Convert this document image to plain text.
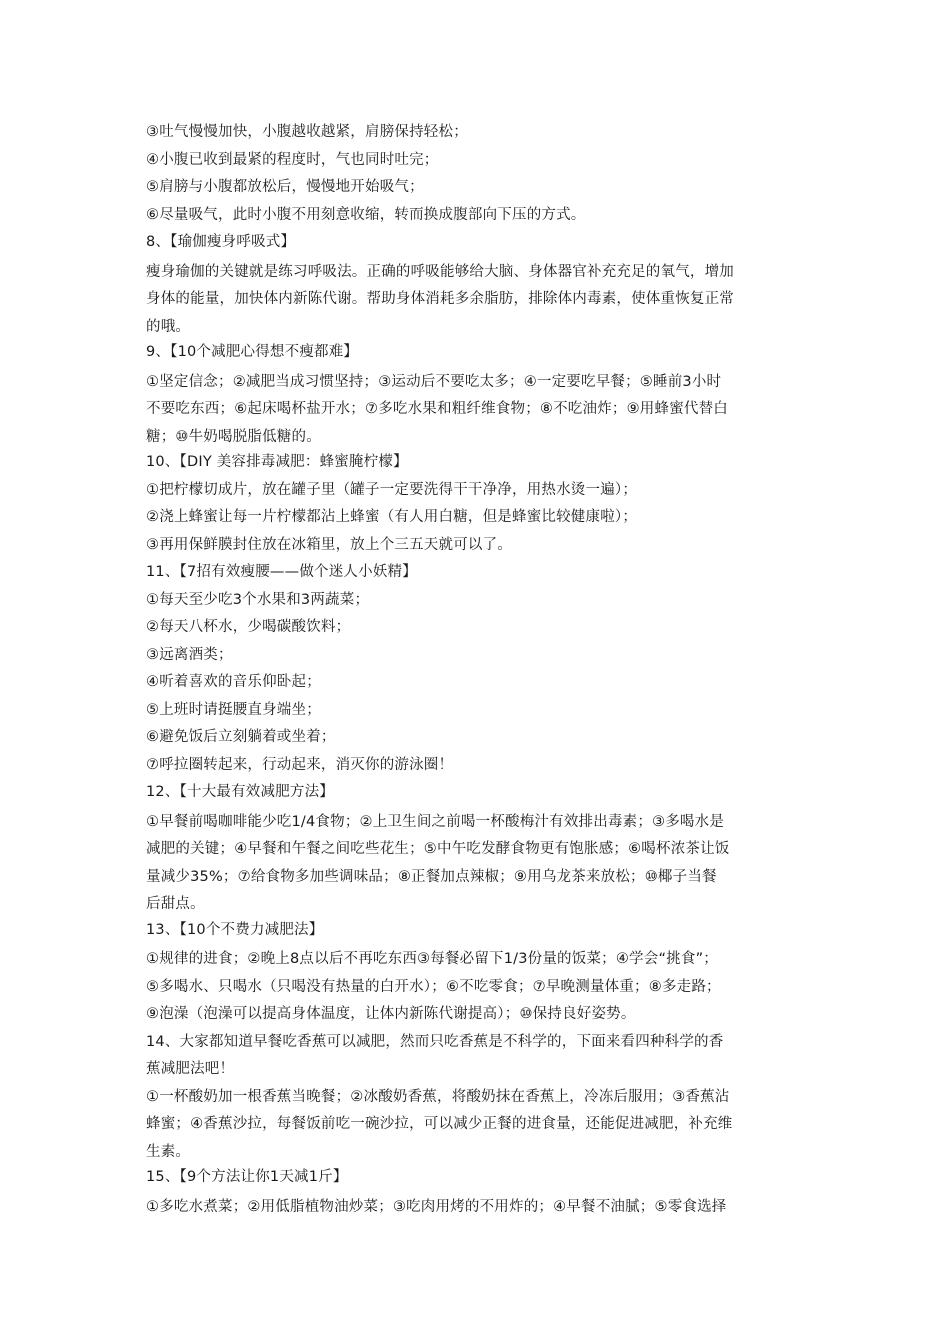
③吐气慢慢加快，小腹越收越紧，肩膀保持轻松；
④小腹已收到最紧的程度时，气也同时吐完；
⑤肩膀与小腹都放松后，慢慢地开始吸气；
⑥尽量吸气，此时小腹不用刻意收缩，转而换成腹部向下压的方式。
8、【瑜伽瘦身呼吸式】
瘦身瑜伽的关键就是练习呼吸法。正确的呼吸能够给大脑、身体器官补充充足的氧气，增加
身体的能量，加快体内新陈代谢。帮助身体消耗多余脂肪，排除体内毒素，使体重恢复正常
的哦。
9、【10个减肥心得想不瘦都难】
①坚定信念；②减肥当成习惯坚持；③运动后不要吃太多；④一定要吃早餐；⑤睡前3小时
不要吃东西；⑥起床喝杯盐开水；⑦多吃水果和粗纤维食物；⑧不吃油炸；⑨用蜂蜜代替白
糖；⑩牛奶喝脱脂低糖的。
10、【DIY 美容排毒减肥：蜂蜜腌柠檬】
①把柠檬切成片，放在罐子里（罐子一定要洗得干干净净，用热水烫一遍）；
②浇上蜂蜜让每一片柠檬都沾上蜂蜜（有人用白糖，但是蜂蜜比较健康啦）；
③再用保鲜膜封住放在冰箱里，放上个三五天就可以了。
11、【7招有效瘦腰——做个迷人小妖精】
①每天至少吃3个水果和3两蔬菜；
②每天八杯水，少喝碳酸饮料；
③远离酒类；
④听着喜欢的音乐仰卧起；
⑤上班时请挺腰直身端坐；
⑥避免饭后立刻躺着或坐着；
⑦呼拉圈转起来，行动起来，消灭你的游泳圈！
12、【十大最有效减肥方法】
①早餐前喝咖啡能少吃1/4食物；②上卫生间之前喝一杯酸梅汁有效排出毒素；③多喝水是
减肥的关键；④早餐和午餐之间吃些花生；⑤中午吃发酵食物更有饱胀感；⑥喝杯浓茶让饭
量减少35%；⑦给食物多加些调味品；⑧正餐加点辣椒；⑨用乌龙茶来放松；⑩椰子当餐
后甜点。
13、【10个不费力减肥法】
①规律的进食；②晚上8点以后不再吃东西③每餐必留下1/3份量的饭菜；④学会“挑食”；
⑤多喝水、只喝水（只喝没有热量的白开水）；⑥不吃零食；⑦早晚测量体重；⑧多走路；
⑨泡澡（泡澡可以提高身体温度，让体内新陈代谢提高）；⑩保持良好姿势。
14、大家都知道早餐吃香蕉可以减肥，然而只吃香蕉是不科学的，下面来看四种科学的香
蕉减肥法吧！
①一杯酸奶加一根香蕉当晚餐；②冰酸奶香蕉，将酸奶抹在香蕉上，冷冻后服用；③香蕉沾
蜂蜜；④香蕉沙拉，每餐饭前吃一碗沙拉，可以减少正餐的进食量，还能促进减肥，补充维
生素。
15、【9个方法让你1天减1斤】
①多吃水煮菜；②用低脂植物油炒菜；③吃肉用烤的不用炸的；④早餐不油腻；⑤零食选择
